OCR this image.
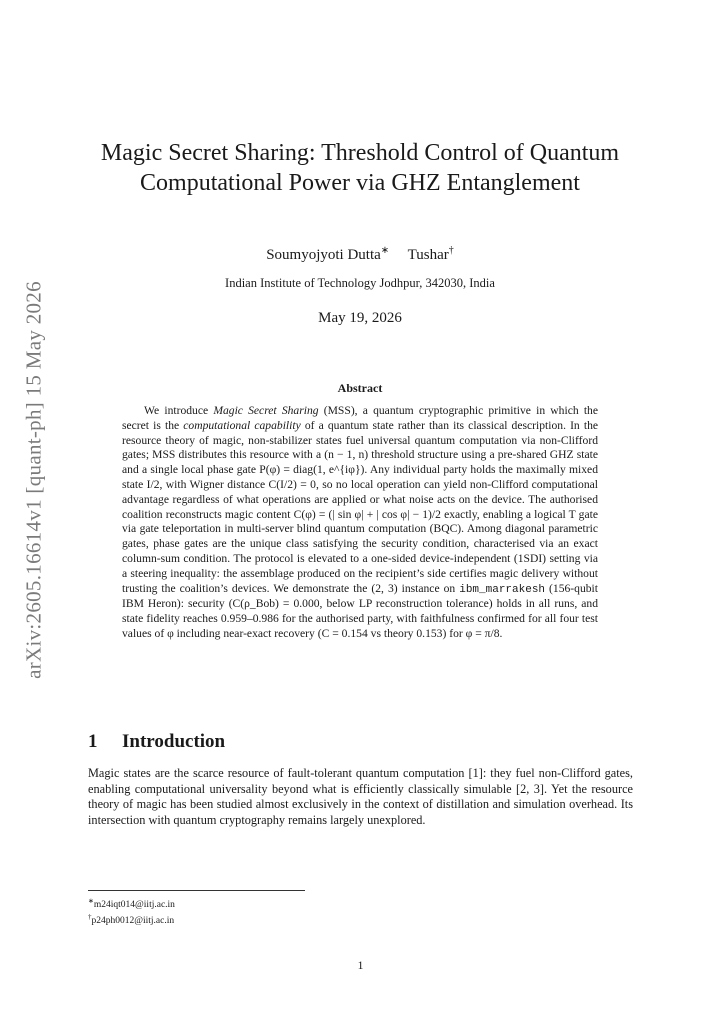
arXiv:2605.16614v1 [quant-ph] 15 May 2026
Magic Secret Sharing: Threshold Control of Quantum Computational Power via GHZ Entanglement
Soumyojyoti Dutta∗ Tushar†
Indian Institute of Technology Jodhpur, 342030, India
May 19, 2026
Abstract
We introduce Magic Secret Sharing (MSS), a quantum cryptographic primitive in which the secret is the computational capability of a quantum state rather than its classical description. In the resource theory of magic, non-stabilizer states fuel universal quantum computation via non-Clifford gates; MSS distributes this resource with a (n − 1, n) threshold structure using a pre-shared GHZ state and a single local phase gate P(φ) = diag(1, e^{iφ}). Any individual party holds the maximally mixed state I/2, with Wigner distance C(I/2) = 0, so no local operation can yield non-Clifford computational advantage regardless of what operations are applied or what noise acts on the device. The authorised coalition reconstructs magic content C(φ) = (| sin φ| + | cos φ| − 1)/2 exactly, enabling a logical T gate via gate teleportation in multi-server blind quantum computation (BQC). Among diagonal parametric gates, phase gates are the unique class satisfying the security condition, characterised via an exact column-sum condition. The protocol is elevated to a one-sided device-independent (1SDI) setting via a steering inequality: the assemblage produced on the recipient’s side certifies magic delivery without trusting the coalition’s devices. We demonstrate the (2, 3) instance on ibm_marrakesh (156-qubit IBM Heron): security (C(ρ_Bob) = 0.000, below LP reconstruction tolerance) holds in all runs, and state fidelity reaches 0.959–0.986 for the authorised party, with faithfulness confirmed for all four test values of φ including near-exact recovery (C = 0.154 vs theory 0.153) for φ = π/8.
1 Introduction
Magic states are the scarce resource of fault-tolerant quantum computation [1]: they fuel non-Clifford gates, enabling computational universality beyond what is efficiently classically simulable [2, 3]. Yet the resource theory of magic has been studied almost exclusively in the context of distillation and simulation overhead. Its intersection with quantum cryptography remains largely unexplored.
∗m24iqt014@iitj.ac.in
†p24ph0012@iitj.ac.in
1
